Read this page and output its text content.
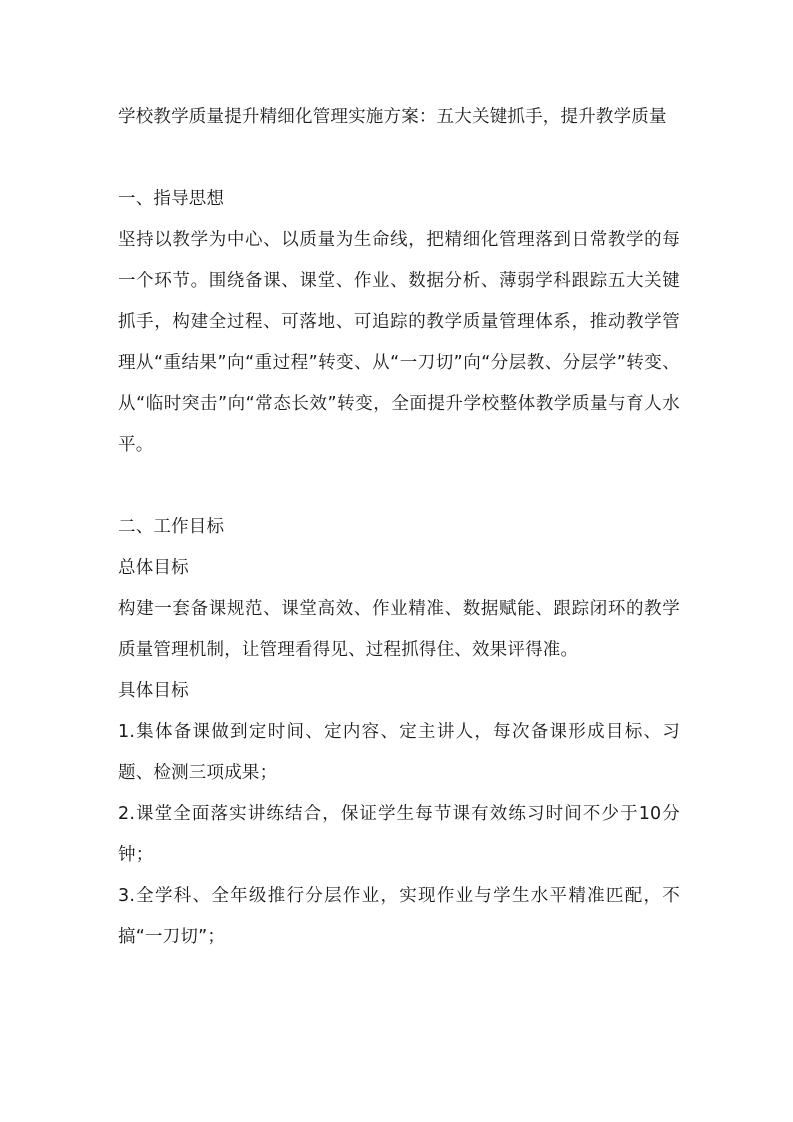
学校教学质量提升精细化管理实施方案：五大关键抓手，提升教学质量

一、指导思想

坚持以教学为中心、以质量为生命线，把精细化管理落到日常教学的每一个环节。围绕备课、课堂、作业、数据分析、薄弱学科跟踪五大关键抓手，构建全过程、可落地、可追踪的教学质量管理体系，推动教学管理从“重结果”向“重过程”转变、从“一刀切”向“分层教、分层学”转变、从“临时突击”向“常态长效”转变，全面提升学校整体教学质量与育人水平。

二、工作目标

总体目标

构建一套备课规范、课堂高效、作业精准、数据赋能、跟踪闭环的教学质量管理机制，让管理看得见、过程抓得住、效果评得准。

具体目标

1.集体备课做到定时间、定内容、定主讲人，每次备课形成目标、习题、检测三项成果；

2.课堂全面落实讲练结合，保证学生每节课有效练习时间不少于10分钟；

3.全学科、全年级推行分层作业，实现作业与学生水平精准匹配，不搞“一刀切”；
